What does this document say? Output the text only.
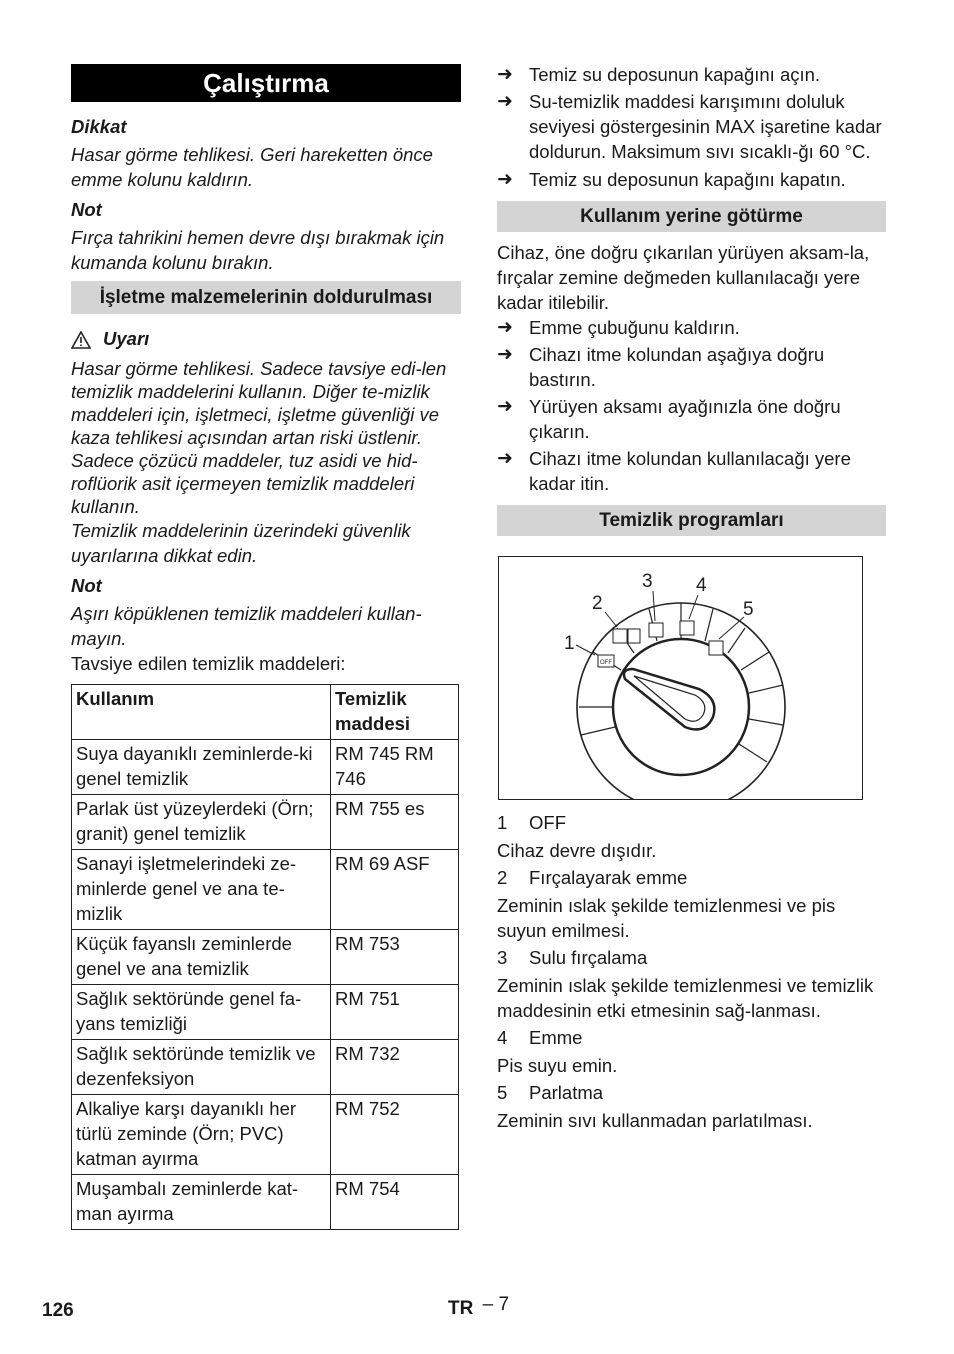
Çalıştırma
Dikkat

Hasar görme tehlikesi. Geri hareketten önce emme kolunu kaldırın.

Not

Fırça tahrikini hemen devre dışı bırakmak için kumanda kolunu bırakın.

İşletme malzemelerinin doldurulması
Uyarı

Hasar görme tehlikesi. Sadece tavsiye edi-len temizlik maddelerini kullanın. Diğer te-mizlik maddeleri için, işletmeci, işletme güvenliği ve kaza tehlikesi açısından artan riski üstlenir.

Sadece çözücü maddeler, tuz asidi ve hid-roflüorik asit içermeyen temizlik maddeleri kullanın.

Temizlik maddelerinin üzerindeki güvenlik uyarılarına dikkat edin.

Not

Aşırı köpüklenen temizlik maddeleri kullan-mayın.

Tavsiye edilen temizlik maddeleri:

Kullanım	Temizlik maddesi
Suya dayanıklı zeminlerde-ki genel temizlik	RM 745 RM 746
Parlak üst yüzeylerdeki (Örn; granit) genel temizlik	RM 755 es
Sanayi işletmelerindeki ze-minlerde genel ve ana te-mizlik	RM 69 ASF
Küçük fayanslı zeminlerde genel ve ana temizlik	RM 753
Sağlık sektöründe genel fa-yans temizliği	RM 751
Sağlık sektöründe temizlik ve dezenfeksiyon	RM 732
Alkaliye karşı dayanıklı her türlü zeminde (Örn; PVC) katman ayırma	RM 752
Muşambalı zeminlerde kat-man ayırma	RM 754
➜ Temiz su deposunun kapağını açın.
➜ Su-temizlik maddesi karışımını doluluk seviyesi göstergesinin MAX işaretine kadar doldurun. Maksimum sıvı sıcaklı-ğı 60 °C.
➜ Temiz su deposunun kapağını kapatın.
Kullanım yerine götürme

Cihaz, öne doğru çıkarılan yürüyen aksam-la, fırçalar zemine değmeden kullanılacağı yere kadar itilebilir.

➜ Emme çubuğunu kaldırın.
➜ Cihazı itme kolundan aşağıya doğru bastırın.
➜ Yürüyen aksamı ayağınızla öne doğru çıkarın.
➜ Cihazı itme kolundan kullanılacağı yere kadar itin.
Temizlik programları
OFF
1
2
3 4
5
1	OFF

Cihaz devre dışıdır.

2	Fırçalayarak emme

Zeminin ıslak şekilde temizlenmesi ve pis suyun emilmesi.

3	Sulu fırçalama

Zeminin ıslak şekilde temizlenmesi ve temizlik maddesinin etki etmesinin sağ-lanması.

4	Emme

Pis suyu emin.

5	Parlatma

Zeminin sıvı kullanmadan parlatılması.

126	TR – 7
